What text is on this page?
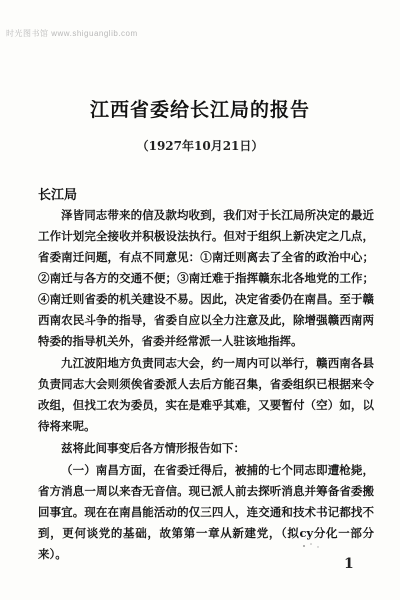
时光图书馆 www.shiguanglib.com
江西省委给长江局的报告
（1927年10月21日）
长江局

泽皆同志带来的信及款均收到，我们对于长江局所决定的最近工作计划完全接收并积极设法执行。但对于组织上新决定之几点，省委南迁问题，有点不同意见：①南迁则离去了全省的政治中心；②南迁与各方的交通不便；③南迁难于指挥赣东北各地党的工作；④南迁则省委的机关建设不易。因此，决定省委仍在南昌。至于赣西南农民斗争的指导，省委自应以全力注意及此，除增强赣西南两特委的指导机关外，省委并经常派一人驻该地指挥。

九江波阳地方负责同志大会，约一周内可以举行，赣西南各县负责同志大会则须俟省委派人去后方能召集，省委组织已根据来令改组，但找工农为委员，实在是难乎其难，又要暂付（空）如，以待将来呢。

兹将此间事变后各方情形报告如下：

（一）南昌方面，在省委迁得后，被捕的七个同志即遭枪毙，省方消息一周以来杳无音信。现已派人前去探听消息并筹备省委搬回事宜。现在在南昌能活动的仅三四人，连交通和技术书记都找不到，更何谈党的基础，故第第一章从新建党，（拟cy分化一部分来）。

1
